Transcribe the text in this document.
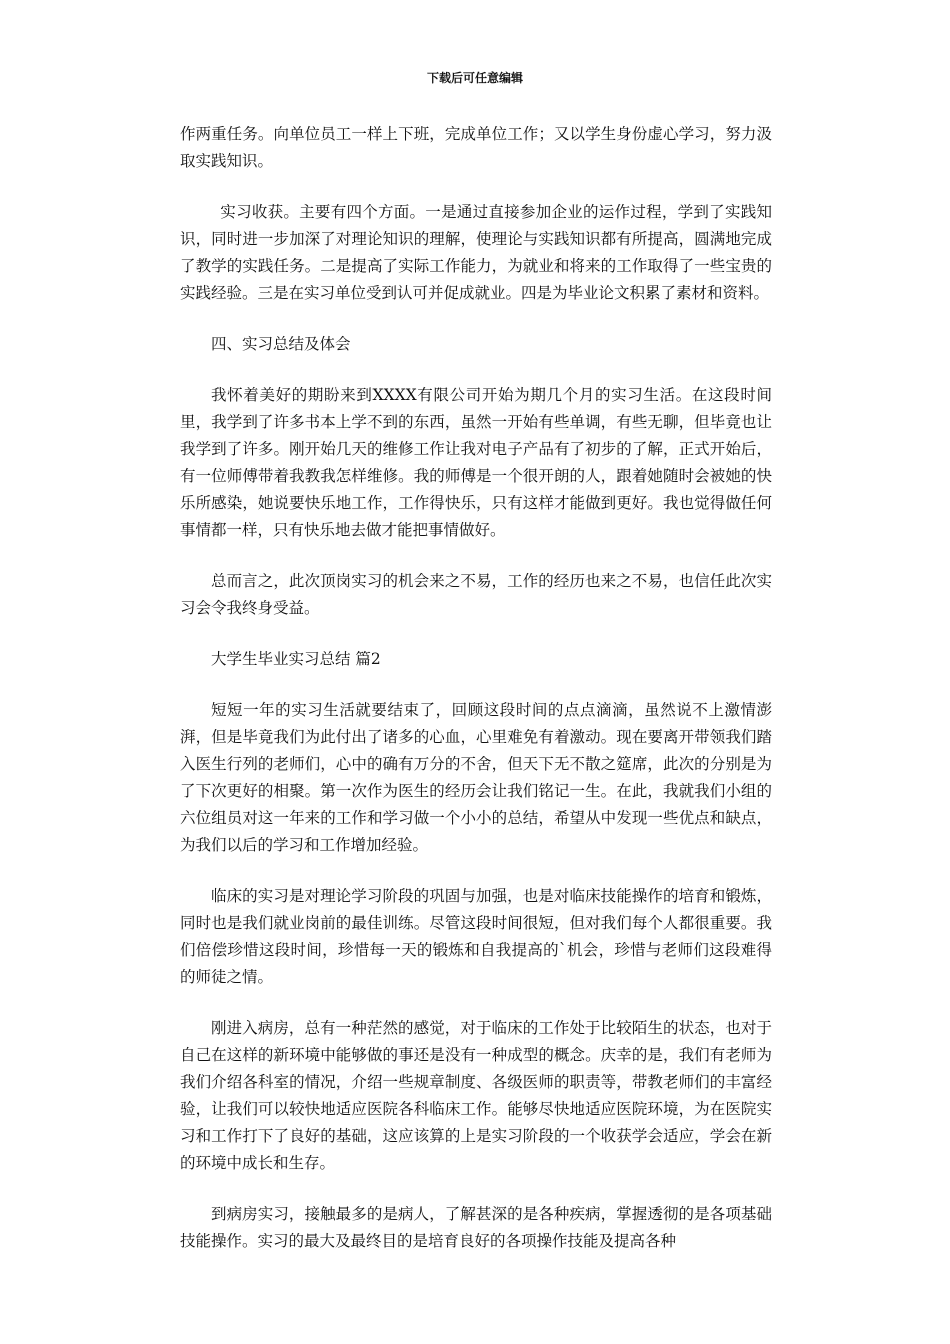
下载后可任意编辑

作两重任务。向单位员工一样上下班，完成单位工作；又以学生身份虚心学习，努力汲取实践知识。

实习收获。主要有四个方面。一是通过直接参加企业的运作过程，学到了实践知识，同时进一步加深了对理论知识的理解，使理论与实践知识都有所提高，圆满地完成了教学的实践任务。二是提高了实际工作能力，为就业和将来的工作取得了一些宝贵的实践经验。三是在实习单位受到认可并促成就业。四是为毕业论文积累了素材和资料。

四、实习总结及体会

我怀着美好的期盼来到XXXX有限公司开始为期几个月的实习生活。在这段时间里，我学到了许多书本上学不到的东西，虽然一开始有些单调，有些无聊，但毕竟也让我学到了许多。刚开始几天的维修工作让我对电子产品有了初步的了解，正式开始后，有一位师傅带着我教我怎样维修。我的师傅是一个很开朗的人，跟着她随时会被她的快乐所感染，她说要快乐地工作，工作得快乐，只有这样才能做到更好。我也觉得做任何事情都一样，只有快乐地去做才能把事情做好。

总而言之，此次顶岗实习的机会来之不易，工作的经历也来之不易，也信任此次实习会令我终身受益。

大学生毕业实习总结 篇2

短短一年的实习生活就要结束了，回顾这段时间的点点滴滴，虽然说不上激情澎湃，但是毕竟我们为此付出了诸多的心血，心里难免有着激动。现在要离开带领我们踏入医生行列的老师们，心中的确有万分的不舍，但天下无不散之筵席，此次的分别是为了下次更好的相聚。第一次作为医生的经历会让我们铭记一生。在此，我就我们小组的六位组员对这一年来的工作和学习做一个小小的总结，希望从中发现一些优点和缺点，为我们以后的学习和工作增加经验。

临床的实习是对理论学习阶段的巩固与加强，也是对临床技能操作的培育和锻炼，同时也是我们就业岗前的最佳训练。尽管这段时间很短，但对我们每个人都很重要。我们倍偿珍惜这段时间，珍惜每一天的锻炼和自我提高的`机会，珍惜与老师们这段难得的师徒之情。

刚进入病房，总有一种茫然的感觉，对于临床的工作处于比较陌生的状态，也对于自己在这样的新环境中能够做的事还是没有一种成型的概念。庆幸的是，我们有老师为我们介绍各科室的情况，介绍一些规章制度、各级医师的职责等，带教老师们的丰富经验，让我们可以较快地适应医院各科临床工作。能够尽快地适应医院环境，为在医院实习和工作打下了良好的基础，这应该算的上是实习阶段的一个收获学会适应，学会在新的环境中成长和生存。

到病房实习，接触最多的是病人，了解甚深的是各种疾病，掌握透彻的是各项基础技能操作。实习的最大及最终目的是培育良好的各项操作技能及提高各种
